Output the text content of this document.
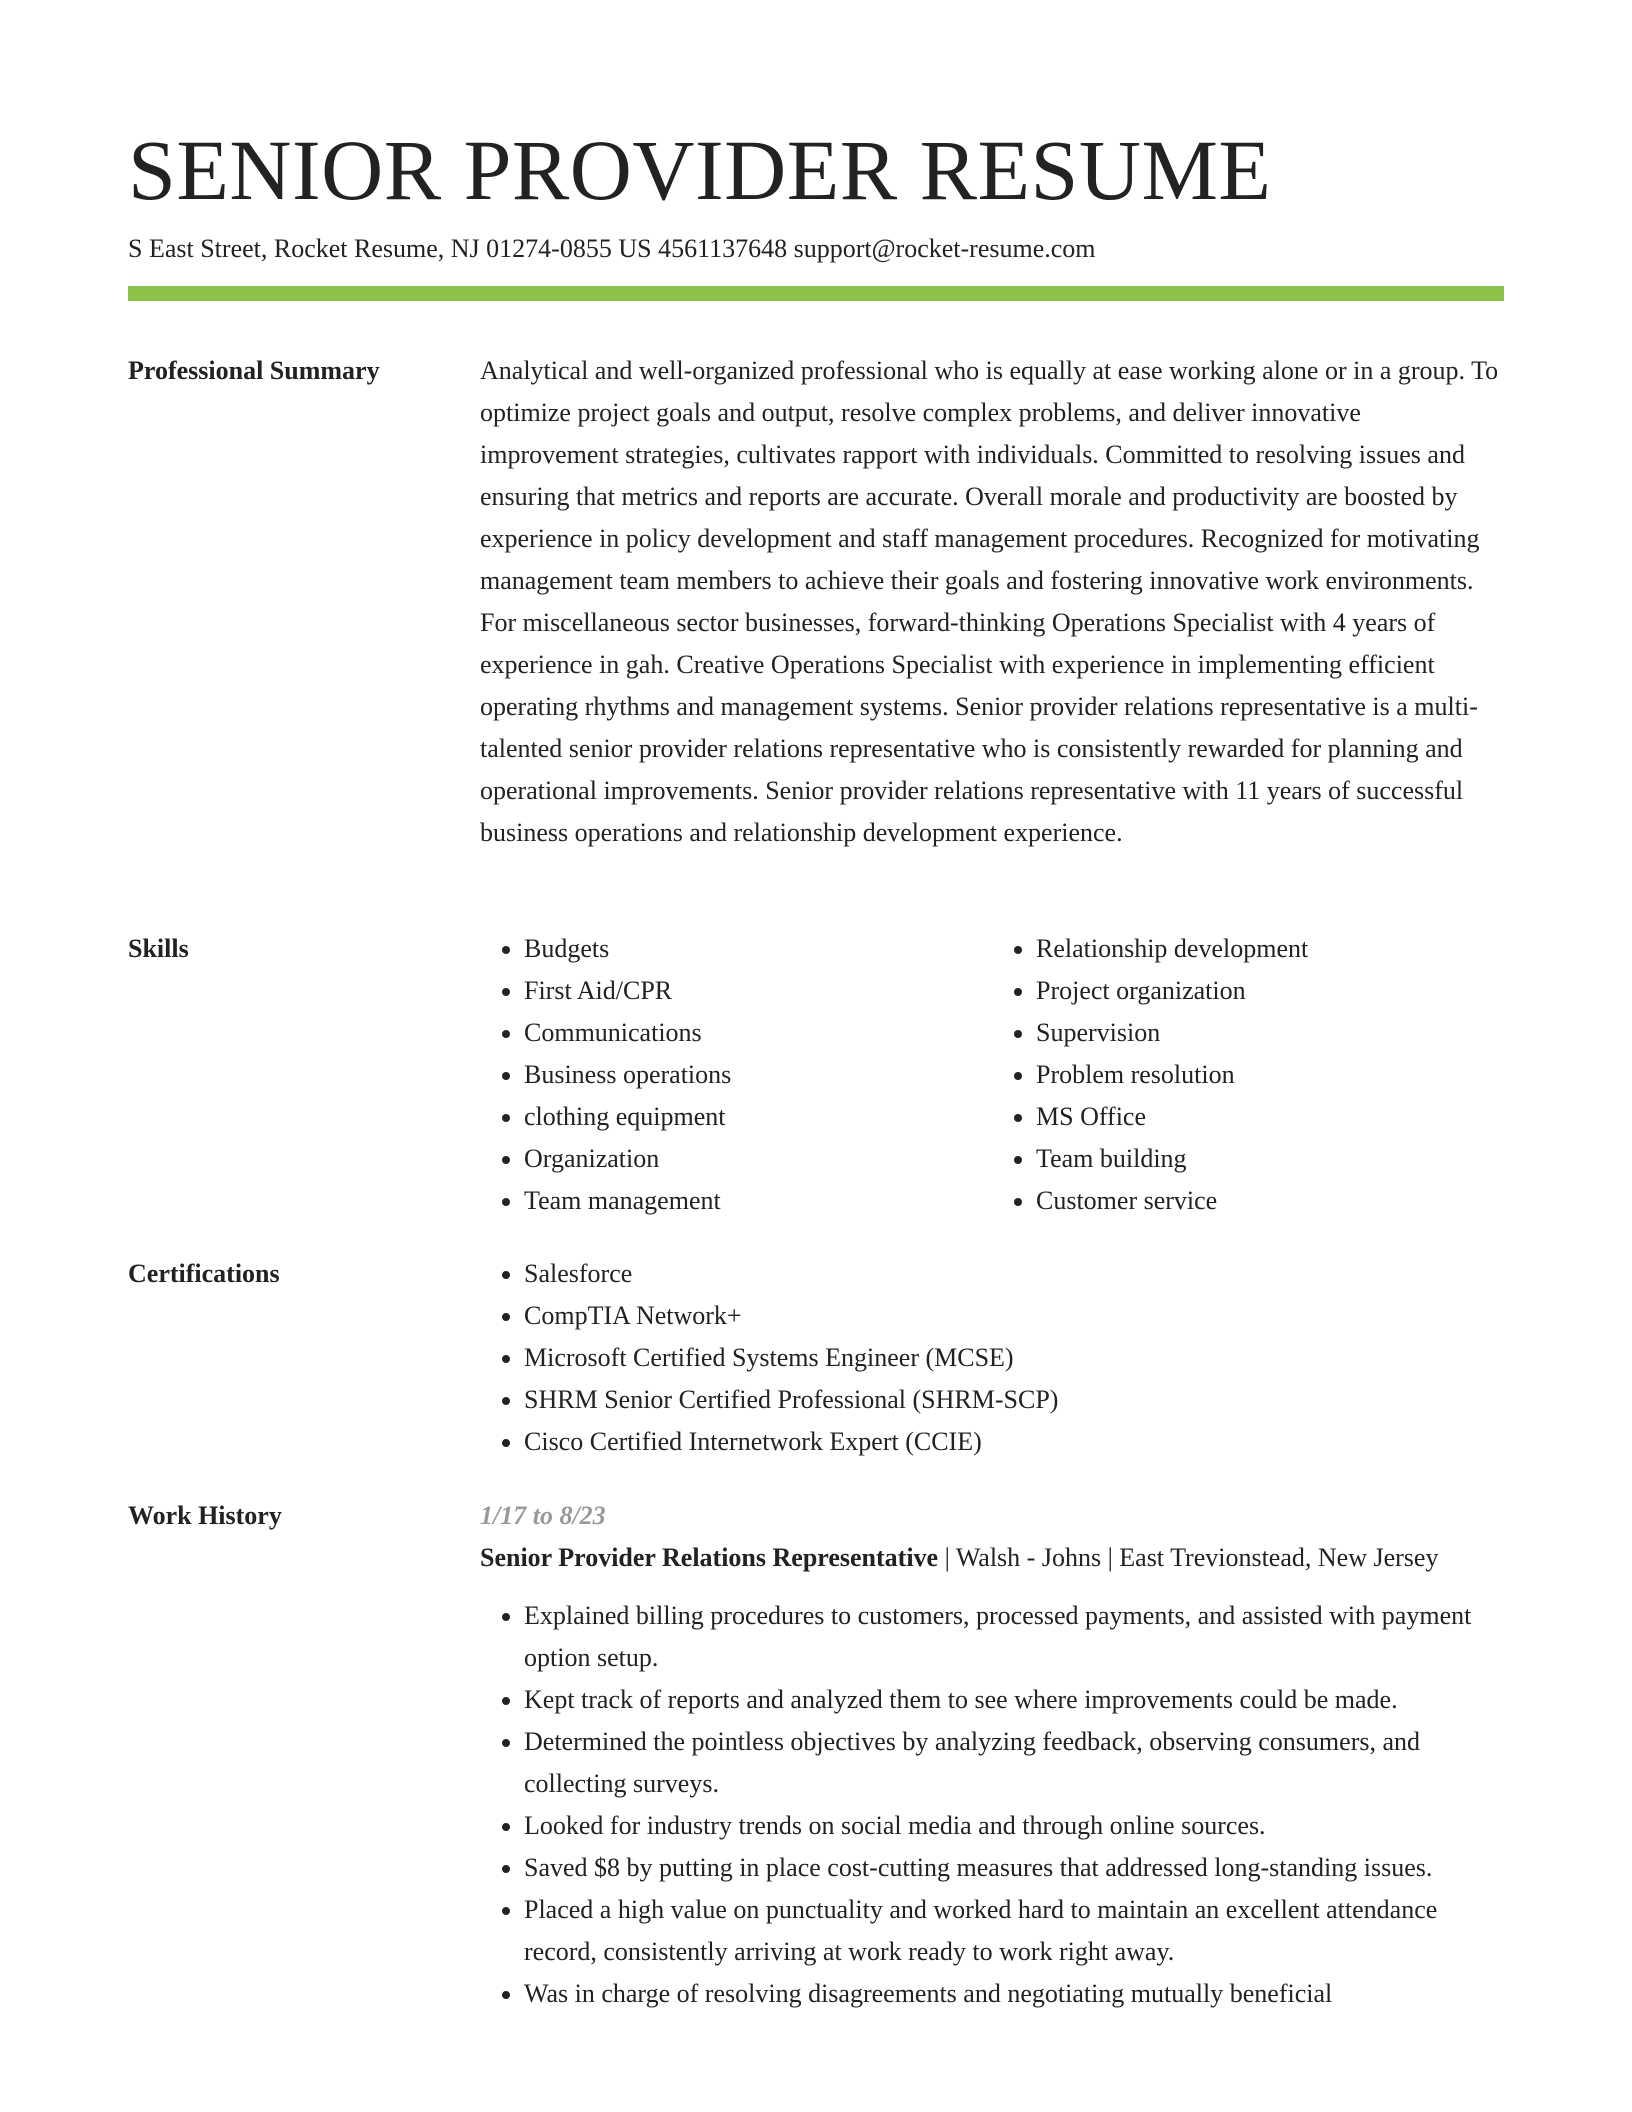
SENIOR PROVIDER RESUME
S East Street, Rocket Resume, NJ 01274-0855 US 4561137648 support@rocket-resume.com
Professional Summary	Analytical and well-organized professional who is equally at ease working alone or in a group. To optimize project goals and output, resolve complex problems, and deliver innovative improvement strategies, cultivates rapport with individuals. Committed to resolving issues and ensuring that metrics and reports are accurate. Overall morale and productivity are boosted by experience in policy development and staff management procedures. Recognized for motivating management team members to achieve their goals and fostering innovative work environments. For miscellaneous sector businesses, forward-thinking Operations Specialist with 4 years of experience in gah. Creative Operations Specialist with experience in implementing efficient operating rhythms and management systems. Senior provider relations representative is a multi-talented senior provider relations representative who is consistently rewarded for planning and operational improvements. Senior provider relations representative with 11 years of successful business operations and relationship development experience.

Skills	• Budgets
• First Aid/CPR
• Communications
• Business operations
• clothing equipment
• Organization
• Team management
• Relationship development
• Project organization
• Supervision
• Problem resolution
• MS Office
• Team building
• Customer service
Certifications	• Salesforce
• CompTIA Network+
• Microsoft Certified Systems Engineer (MCSE)
• SHRM Senior Certified Professional (SHRM-SCP)
• Cisco Certified Internetwork Expert (CCIE)
Work History	1/17 to 8/23

Senior Provider Relations Representative | Walsh - Johns | East Trevionstead, New Jersey

• Explained billing procedures to customers, processed payments, and assisted with payment option setup.
• Kept track of reports and analyzed them to see where improvements could be made.
• Determined the pointless objectives by analyzing feedback, observing consumers, and collecting surveys.
• Looked for industry trends on social media and through online sources.
• Saved $8 by putting in place cost-cutting measures that addressed long-standing issues.
• Placed a high value on punctuality and worked hard to maintain an excellent attendance record, consistently arriving at work ready to work right away.
• Was in charge of resolving disagreements and negotiating mutually beneficial
